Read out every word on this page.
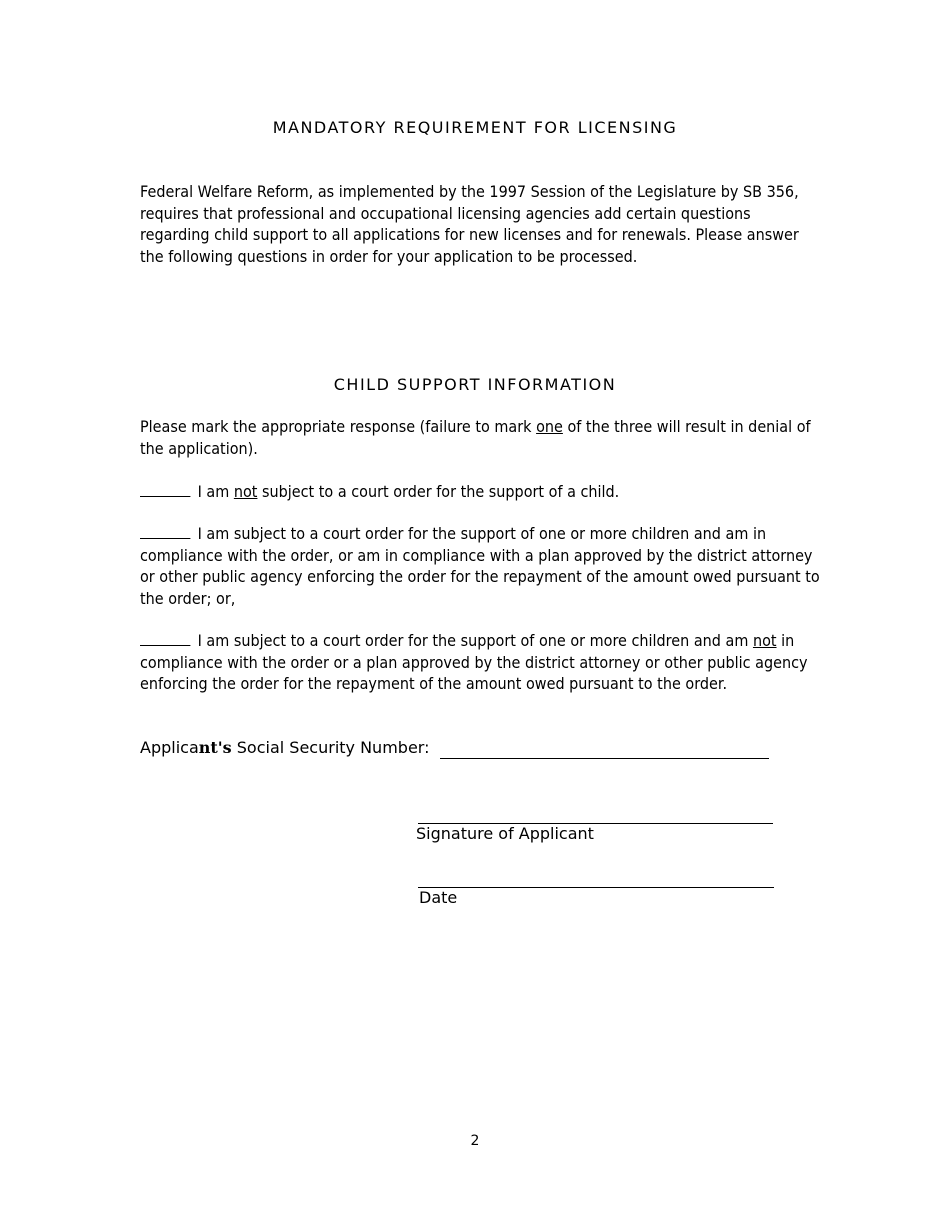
MANDATORY REQUIREMENT FOR LICENSING
Federal Welfare Reform, as implemented by the 1997 Session of the Legislature by SB 356, requires that professional and occupational licensing agencies add certain questions regarding child support to all applications for new licenses and for renewals. Please answer the following questions in order for your application to be processed.
CHILD SUPPORT INFORMATION
Please mark the appropriate response (failure to mark one of the three will result in denial of the application).
I am not subject to a court order for the support of a child.
I am subject to a court order for the support of one or more children and am in compliance with the order, or am in compliance with a plan approved by the district attorney or other public agency enforcing the order for the repayment of the amount owed pursuant to the order; or,
I am subject to a court order for the support of one or more children and am not in compliance with the order or a plan approved by the district attorney or other public agency enforcing the order for the repayment of the amount owed pursuant to the order.
Applicant's Social Security Number:
Signature of Applicant
Date
2
